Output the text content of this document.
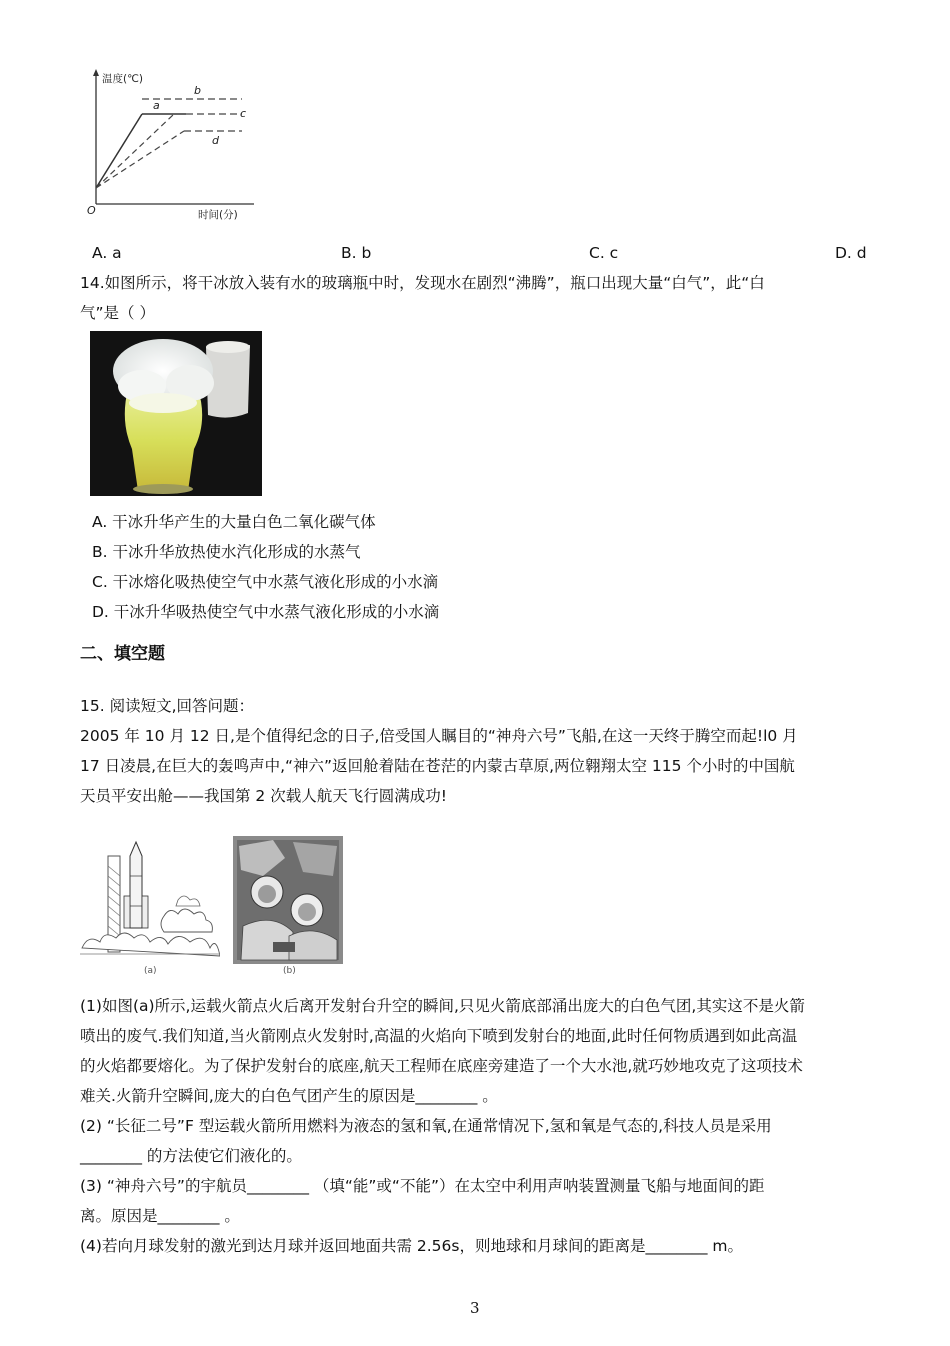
温度(℃)
O	时间(分)
a
b
c
d
A. a	B. b	C. c	D. d
14.如图所示，将干冰放入装有水的玻璃瓶中时，发现水在剧烈“沸腾”，瓶口出现大量“白气”，此“白
气”是（ ）
A. 干冰升华产生的大量白色二氧化碳气体
B. 干冰升华放热使水汽化形成的水蒸气
C. 干冰熔化吸热使空气中水蒸气液化形成的小水滴
D. 干冰升华吸热使空气中水蒸气液化形成的小水滴
二、填空题
15. 阅读短文,回答问题：
2005 年 10 月 12 日,是个值得纪念的日子,倍受国人瞩目的“神舟六号”飞船,在这一天终于腾空而起!l0 月
17 日凌晨,在巨大的轰鸣声中,“神六”返回舱着陆在苍茫的内蒙古草原,两位翱翔太空 115 个小时的中国航
天员平安出舱——我国第 2 次载人航天飞行圆满成功!
(a)	(b)
(1)如图(a)所示,运载火箭点火后离开发射台升空的瞬间,只见火箭底部涌出庞大的白色气团,其实这不是火箭
喷出的废气.我们知道,当火箭刚点火发射时,高温的火焰向下喷到发射台的地面,此时任何物质遇到如此高温
的火焰都要熔化。为了保护发射台的底座,航天工程师在底座旁建造了一个大水池,就巧妙地攻克了这项技术
难关.火箭升空瞬间,庞大的白色气团产生的原因是________ 。
(2) “长征二号”F 型运载火箭所用燃料为液态的氢和氧,在通常情况下,氢和氧是气态的,科技人员是采用
________ 的方法使它们液化的。
(3) “神舟六号”的宇航员________ （填“能”或“不能”）在太空中利用声呐装置测量飞船与地面间的距
离。原因是________ 。
(4)若向月球发射的激光到达月球并返回地面共需 2.56s，则地球和月球间的距离是________ m。
3
